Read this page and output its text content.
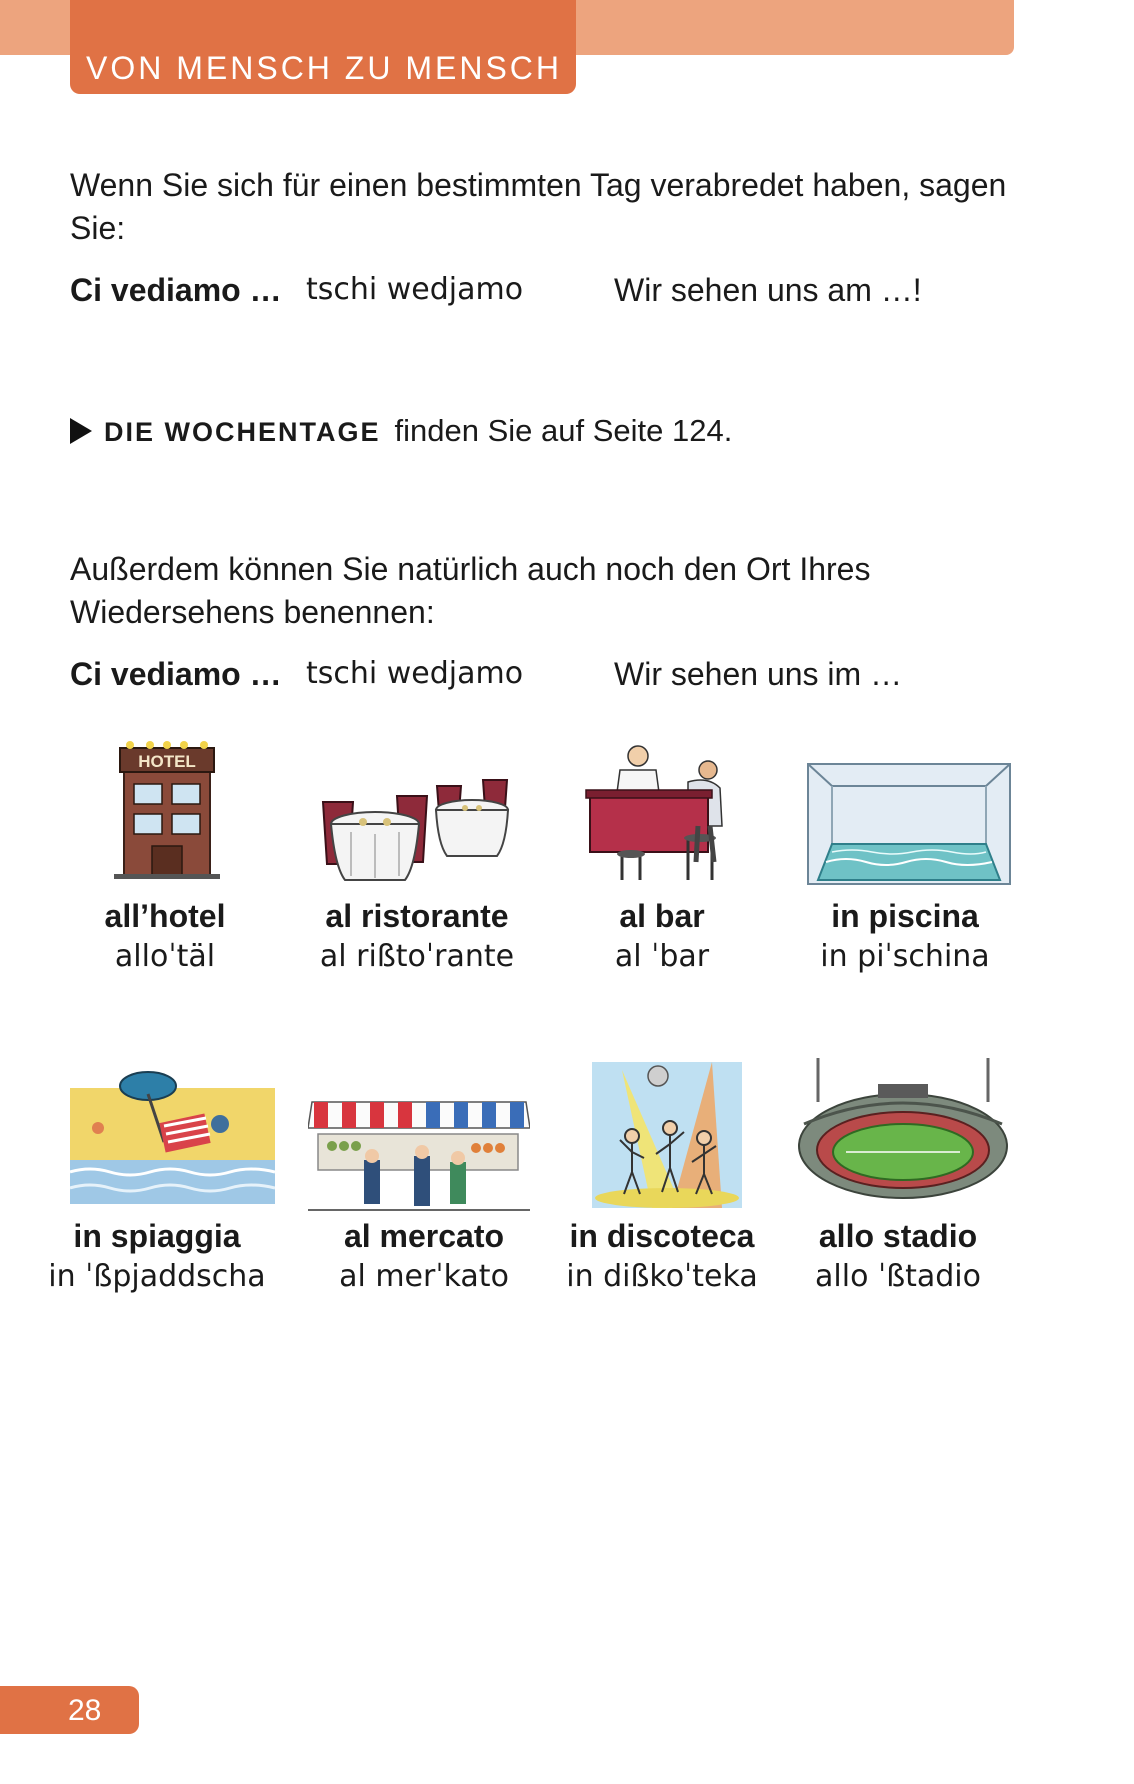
VON MENSCH ZU MENSCH
Wenn Sie sich für einen bestimmten Tag verabredet haben, sagen Sie:
Ci vediamo … tschi wedjamo	Wir sehen uns am …!
DIE WOCHENTAGE finden Sie auf Seite 124.
Außerdem können Sie natürlich auch noch den Ort Ihres Wiedersehens benennen:
Ci vediamo … tschi wedjamo	Wir sehen uns im …
HOTEL
all’hotel
alloˈtäl
al ristorante
al rißtoˈrante
al bar
al ˈbar
in piscina
in piˈschina
in spiaggia
in ˈßpjaddscha
al mercato
al merˈkato
in discoteca
in dißkoˈteka
allo stadio
allo ˈßtadio
28
